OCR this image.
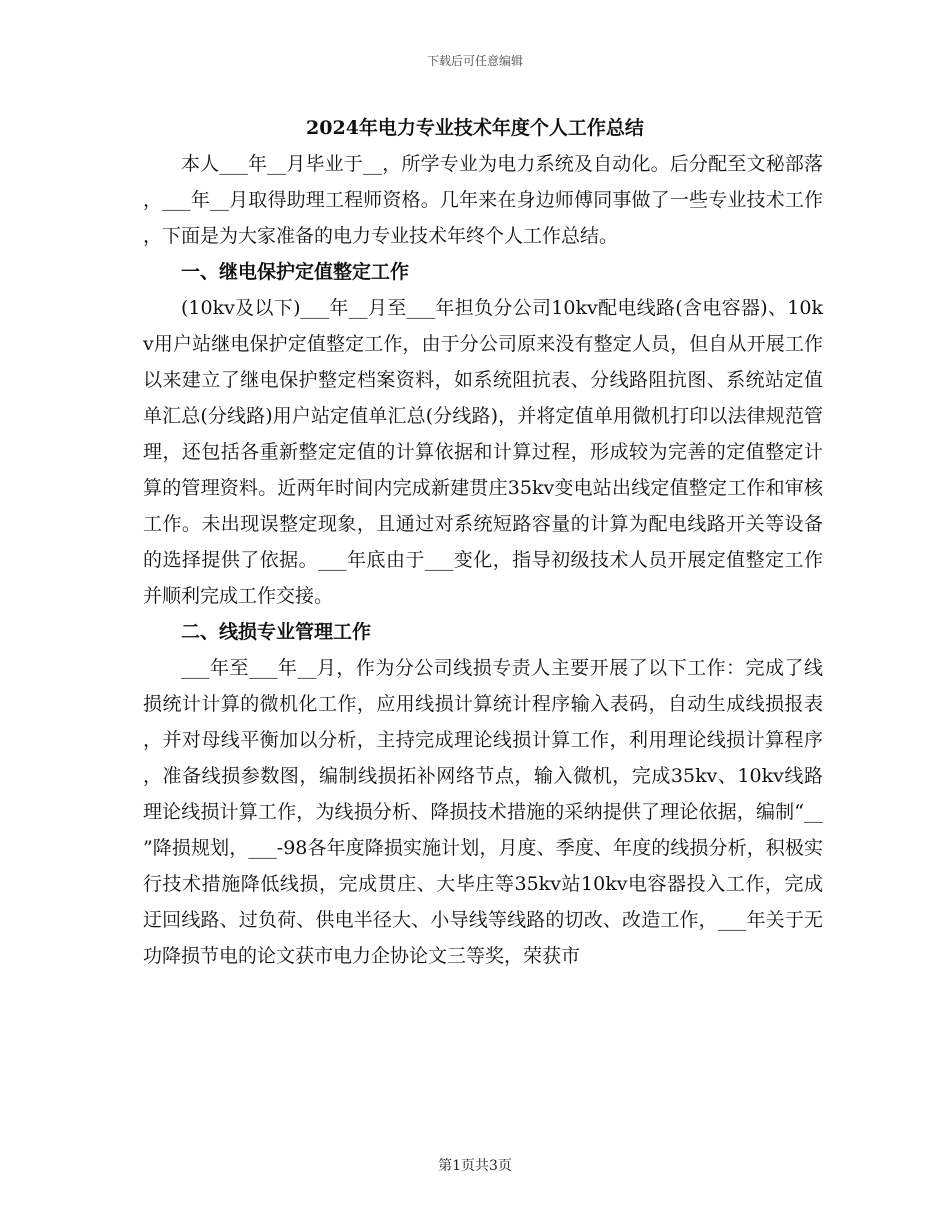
下载后可任意编辑
2024年电力专业技术年度个人工作总结

本人___年__月毕业于__，所学专业为电力系统及自动化。后分配至文秘部落，___年__月取得助理工程师资格。几年来在身边师傅同事做了一些专业技术工作，下面是为大家准备的电力专业技术年终个人工作总结。

一、继电保护定值整定工作

(10kv及以下)___年__月至___年担负分公司10kv配电线路(含电容器)、10kv用户站继电保护定值整定工作，由于分公司原来没有整定人员，但自从开展工作以来建立了继电保护整定档案资料，如系统阻抗表、分线路阻抗图、系统站定值单汇总(分线路)用户站定值单汇总(分线路)，并将定值单用微机打印以法律规范管理，还包括各重新整定定值的计算依据和计算过程，形成较为完善的定值整定计算的管理资料。近两年时间内完成新建贯庄35kv变电站出线定值整定工作和审核工作。未出现误整定现象，且通过对系统短路容量的计算为配电线路开关等设备的选择提供了依据。___年底由于___变化，指导初级技术人员开展定值整定工作并顺利完成工作交接。

二、线损专业管理工作

___年至___年__月，作为分公司线损专责人主要开展了以下工作：完成了线损统计计算的微机化工作，应用线损计算统计程序输入表码，自动生成线损报表，并对母线平衡加以分析，主持完成理论线损计算工作，利用理论线损计算程序，准备线损参数图，编制线损拓补网络节点，输入微机，完成35kv、10kv线路理论线损计算工作，为线损分析、降损技术措施的采纳提供了理论依据，编制“__”降损规划，___-98各年度降损实施计划，月度、季度、年度的线损分析，积极实行技术措施降低线损，完成贯庄、大毕庄等35kv站10kv电容器投入工作，完成迂回线路、过负荷、供电半径大、小导线等线路的切改、改造工作，___年关于无功降损节电的论文获市电力企协论文三等奖，荣获市

第1页共3页
